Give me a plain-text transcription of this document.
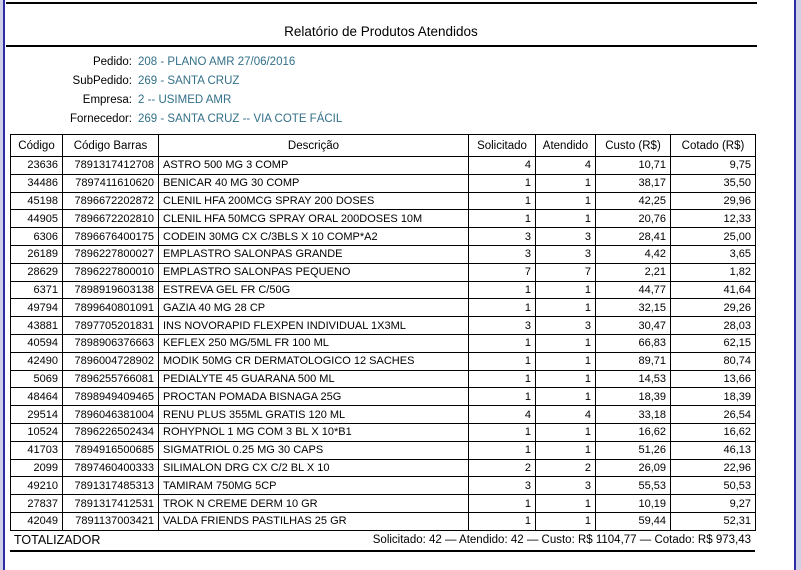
Relatório de Produtos Atendidos
Pedido: 208 - PLANO AMR 27/06/2016
SubPedido: 269 - SANTA CRUZ
Empresa: 2 -- USIMED AMR
Fornecedor: 269 - SANTA CRUZ -- VIA COTE FÁCIL
Código	Código Barras	Descrição	Solicitado	Atendido	Custo (R$)	Cotado (R$)
23636	7891317412708	ASTRO 500 MG 3 COMP	4	4	10,71	9,75
34486	7897411610620	BENICAR 40 MG 30 COMP	1	1	38,17	35,50
45198	7896672202872	CLENIL HFA 200MCG SPRAY 200 DOSES	1	1	42,25	29,96
44905	7896672202810	CLENIL HFA 50MCG SPRAY ORAL 200DOSES 10M	1	1	20,76	12,33
6306	7896676400175	CODEIN 30MG CX C/3BLS X 10 COMP*A2	3	3	28,41	25,00
26189	7896227800027	EMPLASTRO SALONPAS GRANDE	3	3	4,42	3,65
28629	7896227800010	EMPLASTRO SALONPAS PEQUENO	7	7	2,21	1,82
6371	7898919603138	ESTREVA GEL FR C/50G	1	1	44,77	41,64
49794	7899640801091	GAZIA 40 MG 28 CP	1	1	32,15	29,26
43881	7897705201831	INS NOVORAPID FLEXPEN INDIVIDUAL 1X3ML	3	3	30,47	28,03
40594	7898906376663	KEFLEX 250 MG/5ML FR 100 ML	1	1	66,83	62,15
42490	7896004728902	MODIK 50MG CR DERMATOLOGICO 12 SACHES	1	1	89,71	80,74
5069	7896255766081	PEDIALYTE 45 GUARANA 500 ML	1	1	14,53	13,66
48464	7898949409465	PROCTAN POMADA BISNAGA 25G	1	1	18,39	18,39
29514	7896046381004	RENU PLUS 355ML GRATIS 120 ML	4	4	33,18	26,54
10524	7896226502434	ROHYPNOL 1 MG COM 3 BL X 10*B1	1	1	16,62	16,62
41703	7894916500685	SIGMATRIOL 0.25 MG 30 CAPS	1	1	51,26	46,13
2099	7897460400333	SILIMALON DRG CX C/2 BL X 10	2	2	26,09	22,96
49210	7891317485313	TAMIRAM 750MG 5CP	3	3	55,53	50,53
27837	7891317412531	TROK N CREME DERM 10 GR	1	1	10,19	9,27
42049	7891137003421	VALDA FRIENDS PASTILHAS 25 GR	1	1	59,44	52,31
TOTALIZADOR	Solicitado: 42 — Atendido: 42 — Custo: R$ 1104,77 — Cotado: R$ 973,43
